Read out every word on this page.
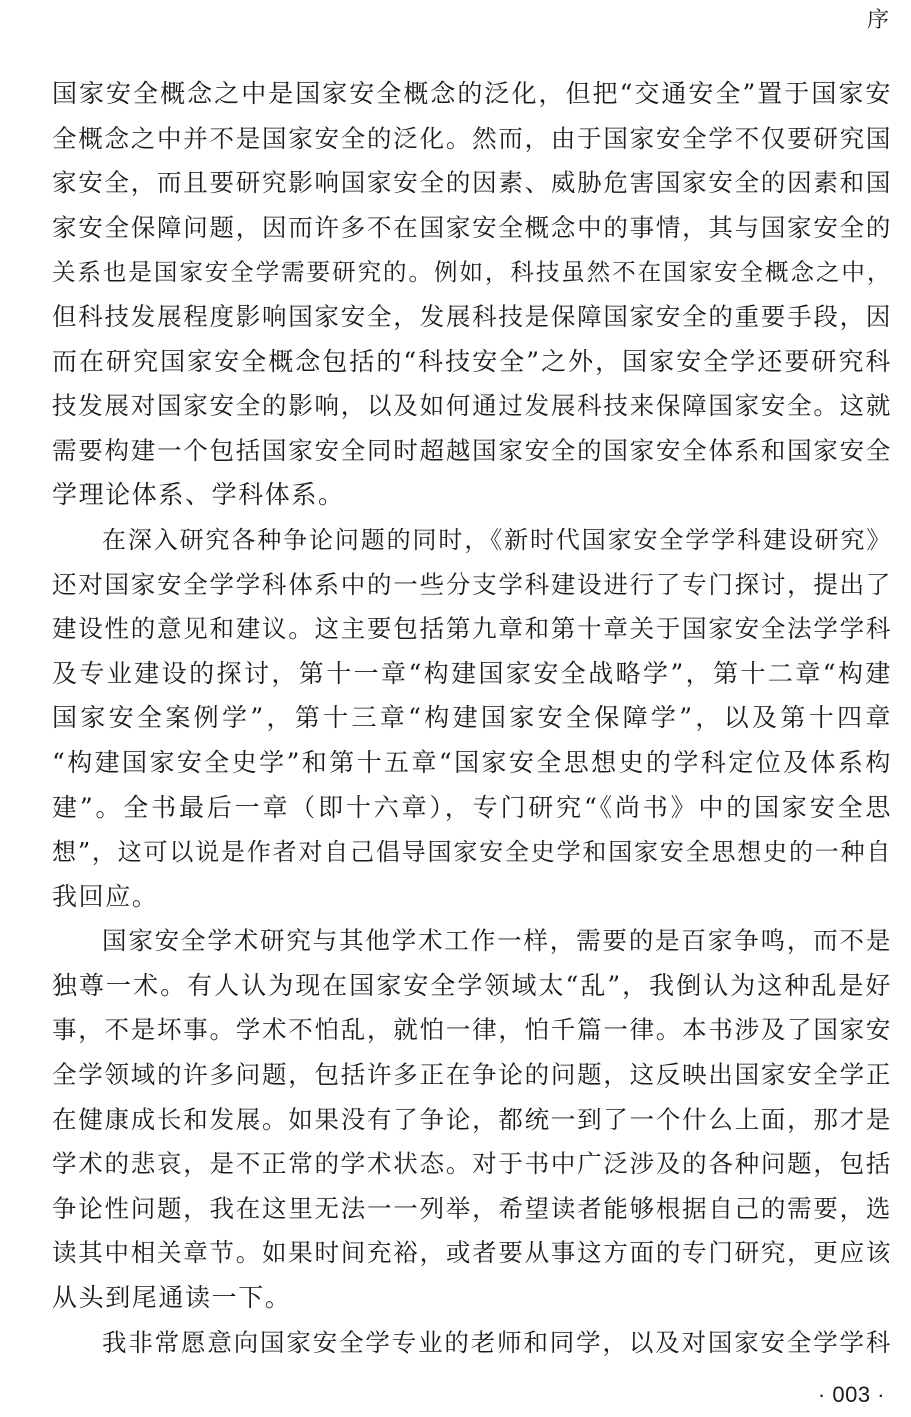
序
国家安全概念之中是国家安全概念的泛化，但把“交通安全”置于国家安
全概念之中并不是国家安全的泛化。然而，由于国家安全学不仅要研究国
家安全，而且要研究影响国家安全的因素、威胁危害国家安全的因素和国
家安全保障问题，因而许多不在国家安全概念中的事情，其与国家安全的
关系也是国家安全学需要研究的。例如，科技虽然不在国家安全概念之中，
但科技发展程度影响国家安全，发展科技是保障国家安全的重要手段，因
而在研究国家安全概念包括的“科技安全”之外，国家安全学还要研究科
技发展对国家安全的影响，以及如何通过发展科技来保障国家安全。这就
需要构建一个包括国家安全同时超越国家安全的国家安全体系和国家安全
学理论体系、学科体系。
在深入研究各种争论问题的同时，《新时代国家安全学学科建设研究》
还对国家安全学学科体系中的一些分支学科建设进行了专门探讨，提出了
建设性的意见和建议。这主要包括第九章和第十章关于国家安全法学学科
及专业建设的探讨，第十一章“构建国家安全战略学”，第十二章“构建
国家安全案例学”，第十三章“构建国家安全保障学”，以及第十四章
“构建国家安全史学”和第十五章“国家安全思想史的学科定位及体系构
建”。全书最后一章（即十六章），专门研究“《尚书》中的国家安全思
想”，这可以说是作者对自己倡导国家安全史学和国家安全思想史的一种自
我回应。
国家安全学术研究与其他学术工作一样，需要的是百家争鸣，而不是
独尊一术。有人认为现在国家安全学领域太“乱”，我倒认为这种乱是好
事，不是坏事。学术不怕乱，就怕一律，怕千篇一律。本书涉及了国家安
全学领域的许多问题，包括许多正在争论的问题，这反映出国家安全学正
在健康成长和发展。如果没有了争论，都统一到了一个什么上面，那才是
学术的悲哀，是不正常的学术状态。对于书中广泛涉及的各种问题，包括
争论性问题，我在这里无法一一列举，希望读者能够根据自己的需要，选
读其中相关章节。如果时间充裕，或者要从事这方面的专门研究，更应该
从头到尾通读一下。
我非常愿意向国家安全学专业的老师和同学，以及对国家安全学学科
· 003 ·
